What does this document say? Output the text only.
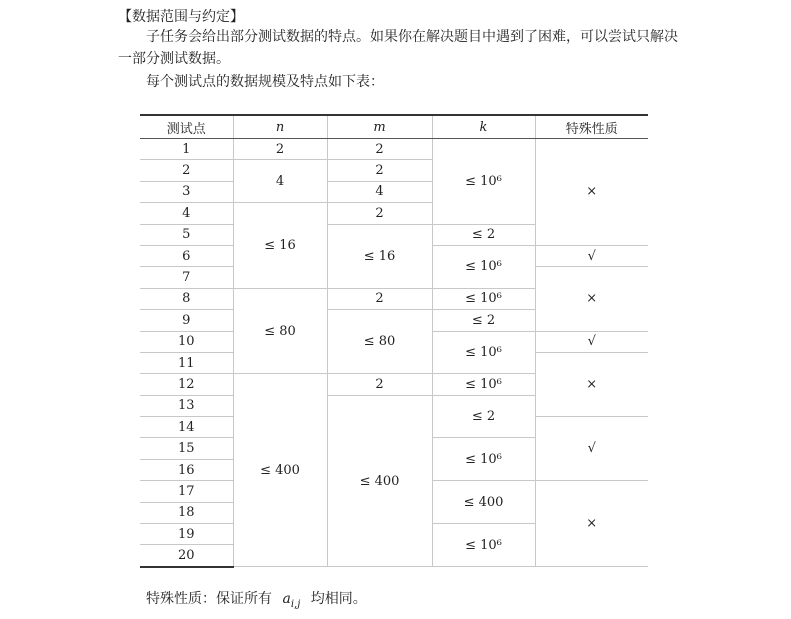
【数据范围与约定】
子任务会给出部分测试数据的特点。如果你在解决题目中遇到了困难，可以尝试只解决一部分测试数据。
每个测试点的数据规模及特点如下表：
测试点	n	m	k	特殊性质
1	2	2	≤ 10⁶	×
2	4	2		
3		4		
4	≤ 16	2		
5		≤ 16	≤ 2	
6			≤ 10⁶	√
7				×
8	≤ 80	2	≤ 10⁶	
9		≤ 80	≤ 2	
10			≤ 10⁶	√
11				×
12	≤ 400	2	≤ 10⁶	
13		≤ 400	≤ 2	
14				√
15			≤ 10⁶	
16				
17			≤ 400	×
18				
19			≤ 10⁶	
20				
特殊性质：保证所有 $a_{i,j}$ 均相同。
